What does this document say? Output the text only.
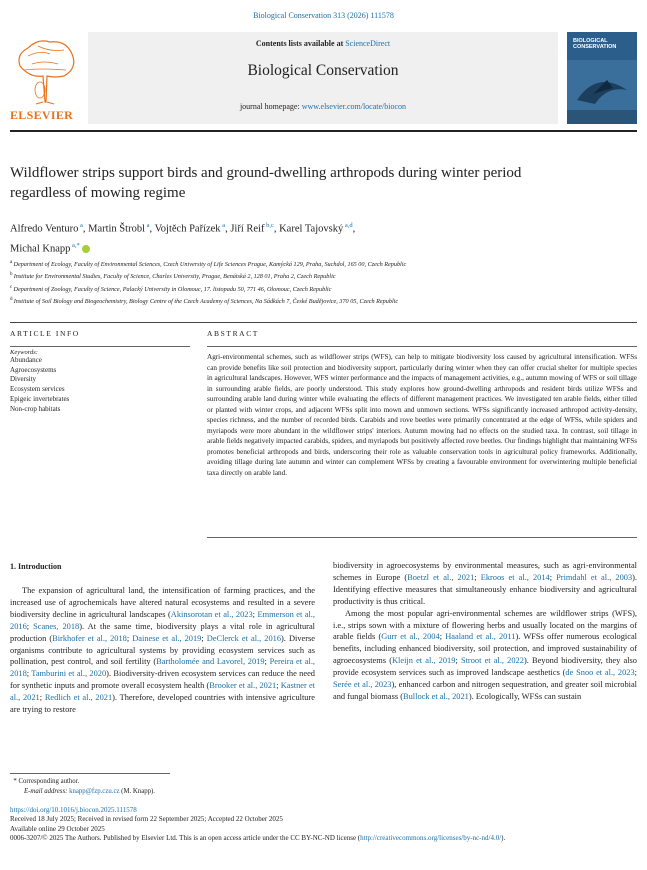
Biological Conservation 313 (2026) 111578
ELSEVIER
Contents lists available at ScienceDirect
Biological Conservation
journal homepage: www.elsevier.com/locate/biocon
BIOLOGICAL
CONSERVATION
Wildflower strips support birds and ground-dwelling arthropods during winter period regardless of mowing regime
Alfredo Venturo $^a$, Martin Štrobl $^a$, Vojtěch Pařízek $^a$, Jiří Reif $^{b,c}$, Karel Tajovský $^{a,d}$,
Michal Knapp $^{a,*}$
$^a$ Department of Ecology, Faculty of Environmental Sciences, Czech University of Life Sciences Prague, Kamýcká 129, Praha, Suchdol, 165 00, Czech Republic
$^b$ Institute for Environmental Studies, Faculty of Science, Charles University, Prague, Benátská 2, 128 01, Praha 2, Czech Republic
$^c$ Department of Zoology, Faculty of Science, Palacký University in Olomouc, 17. listopadu 50, 771 46, Olomouc, Czech Republic
$^d$ Institute of Soil Biology and Biogeochemistry, Biology Centre of the Czech Academy of Sciences, Na Sádkách 7, České Budějovice, 370 05, Czech Republic
ARTICLE INFO	ABSTRACT
Keywords:
Abundance
Agroecosystems
Diversity
Ecosystem services
Epigeic invertebrates
Non-crop habitats
Agri-environmental schemes, such as wildflower strips (WFS), can help to mitigate biodiversity loss caused by agricultural intensification. WFSs can provide benefits like soil protection and biodiversity support, particularly during winter when they can offer crucial shelter for multiple species in agricultural landscapes. However, WFS winter performance and the impacts of management activities, e.g., autumn mowing of WFS or soil tillage in surrounding arable fields, are poorly understood. This study explores how ground-dwelling arthropods and resident birds utilize WFSs and surrounding arable land during winter while evaluating the effects of different management practices. We investigated ten arable fields, either tilled or planted with winter crops, and adjacent WFSs split into mown and unmown sections. WFSs significantly increased arthropod activity-density, species richness, and the number of recorded birds. Carabids and rove beetles were primarily concentrated at the edge of WFSs, while spiders and myriapods were more abundant in the wildflower strips' interiors. Autumn mowing had no effects on the studied taxa. In contrast, soil tillage in arable fields negatively impacted carabids, spiders, and myriapods but positively affected rove beetles. Our findings highlight that maintaining WFSs promotes beneficial arthropods and birds, underscoring their role as valuable conservation tools in agricultural policy frameworks. Additionally, avoiding tillage during late autumn and winter can complement WFSs by creating a favourable environment for overwintering multiple beneficial taxa directly on arable land.
1. Introduction

The expansion of agricultural land, the intensification of farming practices, and the increased use of agrochemicals have altered natural ecosystems and resulted in a severe biodiversity decline in agricultural landscapes (Akinsorotan et al., 2023; Emmerson et al., 2016; Scanes, 2018). At the same time, biodiversity plays a vital role in agricultural production (Birkhofer et al., 2018; Dainese et al., 2019; DeClerck et al., 2016). Diverse organisms contribute to agricultural systems by providing ecosystem services such as pollination, pest control, and soil fertility (Bartholomée and Lavorel, 2019; Pereira et al., 2018; Tamburini et al., 2020). Biodiversity-driven ecosystem services can reduce the need for synthetic inputs and promote overall ecosystem health (Brooker et al., 2021; Kastner et al., 2021; Redlich et al., 2021). Therefore, developed countries with intensive agriculture are trying to restore

biodiversity in agroecosystems by environmental measures, such as agri-environmental schemes in Europe (Boetzl et al., 2021; Ekroos et al., 2014; Primdahl et al., 2003). Identifying effective measures that simultaneously enhance biodiversity and agricultural productivity is thus critical.

Among the most popular agri-environmental schemes are wildflower strips (WFS), i.e., strips sown with a mixture of flowering herbs and usually located on the margins of arable fields (Gurr et al., 2004; Haaland et al., 2011). WFSs offer numerous ecological benefits, including enhanced biodiversity, soil protection, and improved sustainability of agroecosystems (Kleijn et al., 2019; Stroot et al., 2022). Beyond biodiversity, they also provide ecosystem services such as improved landscape aesthetics (de Snoo et al., 2023; Serée et al., 2023), enhanced carbon and nitrogen sequestration, and greater soil microbial and fungal biomass (Bullock et al., 2021). Ecologically, WFSs can sustain

* Corresponding author.
E-mail address: knapp@fzp.czu.cz (M. Knapp).
https://doi.org/10.1016/j.biocon.2025.111578
Received 18 July 2025; Received in revised form 22 September 2025; Accepted 22 October 2025
Available online 29 October 2025
0006-3207/© 2025 The Authors. Published by Elsevier Ltd. This is an open access article under the CC BY-NC-ND license (http://creativecommons.org/licenses/by-nc-nd/4.0/).
